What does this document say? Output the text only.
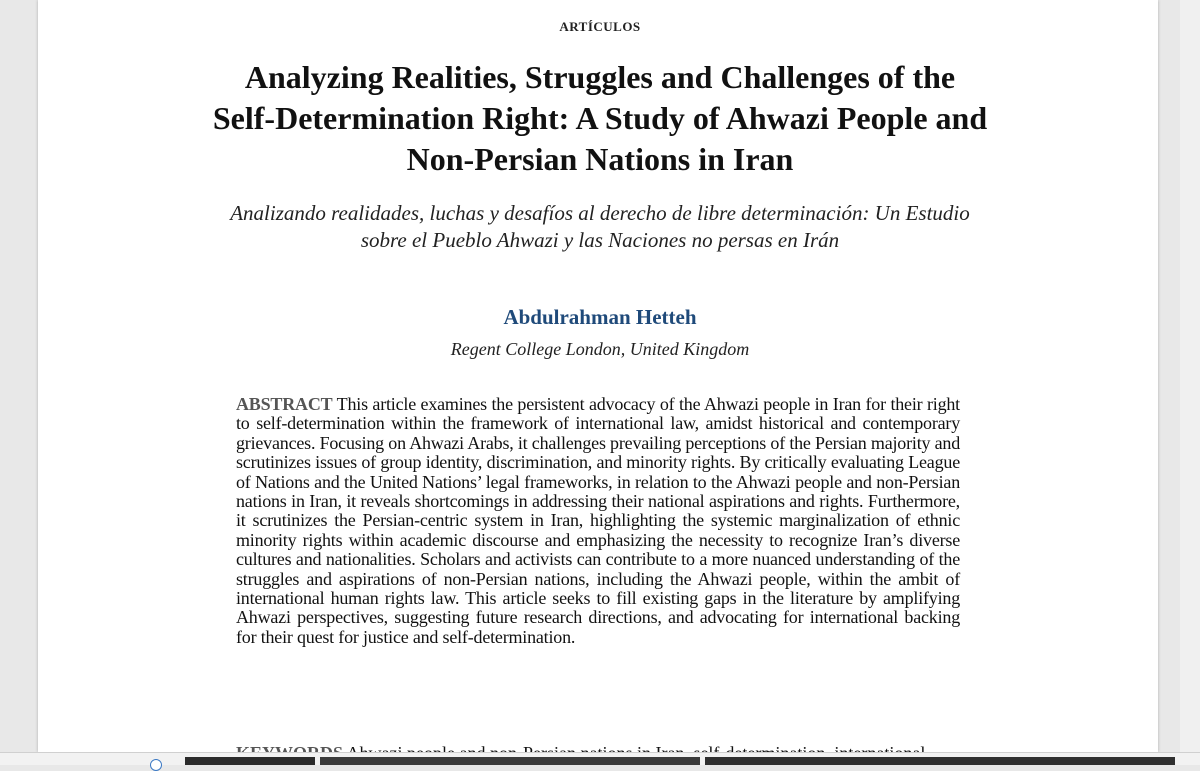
ARTÍCULOS
Analyzing Realities, Struggles and Challenges of the
Self-Determination Right: A Study of Ahwazi People and
Non-Persian Nations in Iran
Analizando realidades, luchas y desafíos al derecho de libre determinación: Un Estudio
sobre el Pueblo Ahwazi y las Naciones no persas en Irán
Abdulrahman Hetteh
Regent College London, United Kingdom
ABSTRACT This article examines the persistent advocacy of the Ahwazi people in Iran for their right to self-determination within the framework of international law, amidst historical and contemporary grievances. Focusing on Ahwazi Arabs, it challenges prevailing perceptions of the Persian majority and scrutinizes issues of group identity, discrimination, and minority rights. By critically evaluating League of Nations and the United Nations’ legal frameworks, in relation to the Ahwazi people and non-Persian nations in Iran, it reveals shortcomings in addressing their national aspirations and rights. Furthermore, it scrutinizes the Persian-centric system in Iran, highlighting the systemic marginalization of ethnic minority rights within academic discourse and emphasizing the necessity to recognize Iran’s diverse cultures and nationalities. Scholars and activists can contribute to a more nuanced understanding of the struggles and aspirations of non-Persian nations, including the Ahwazi people, within the ambit of international human rights law. This article seeks to fill existing gaps in the literature by amplifying Ahwazi perspectives, suggesting future research directions, and advocating for international backing for their quest for justice and self-determination.
